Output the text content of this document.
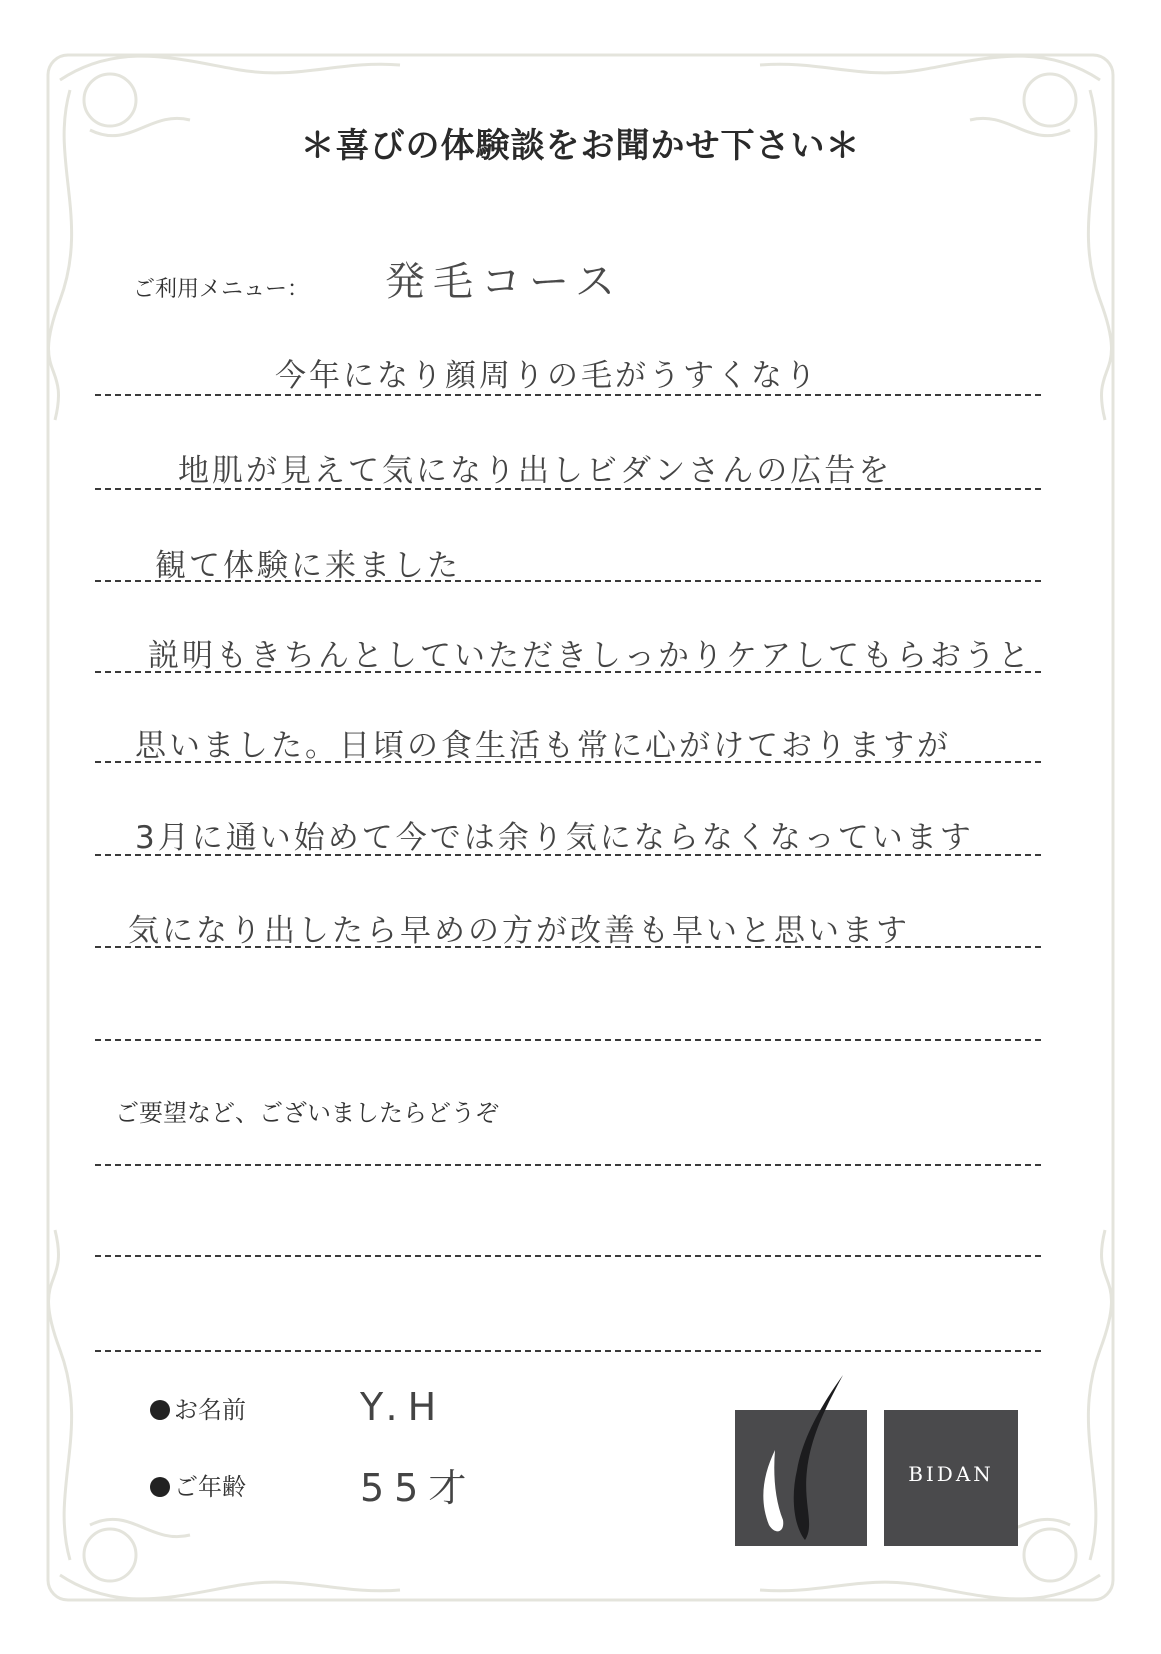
＊喜びの体験談をお聞かせ下さい＊
ご利用メニュー： 発毛コース
今年になり顔周りの毛がうすくなり
地肌が見えて気になり出しビダンさんの広告を
観て体験に来ました
説明もきちんとしていただきしっかりケアしてもらおうと
思いました。日頃の食生活も常に心がけておりますが
3月に通い始めて今では余り気にならなくなっています
気になり出したら早めの方が改善も早いと思います
ご要望など、ございましたらどうぞ
お名前	Y.H
ご年齢	55才	BIDAN
